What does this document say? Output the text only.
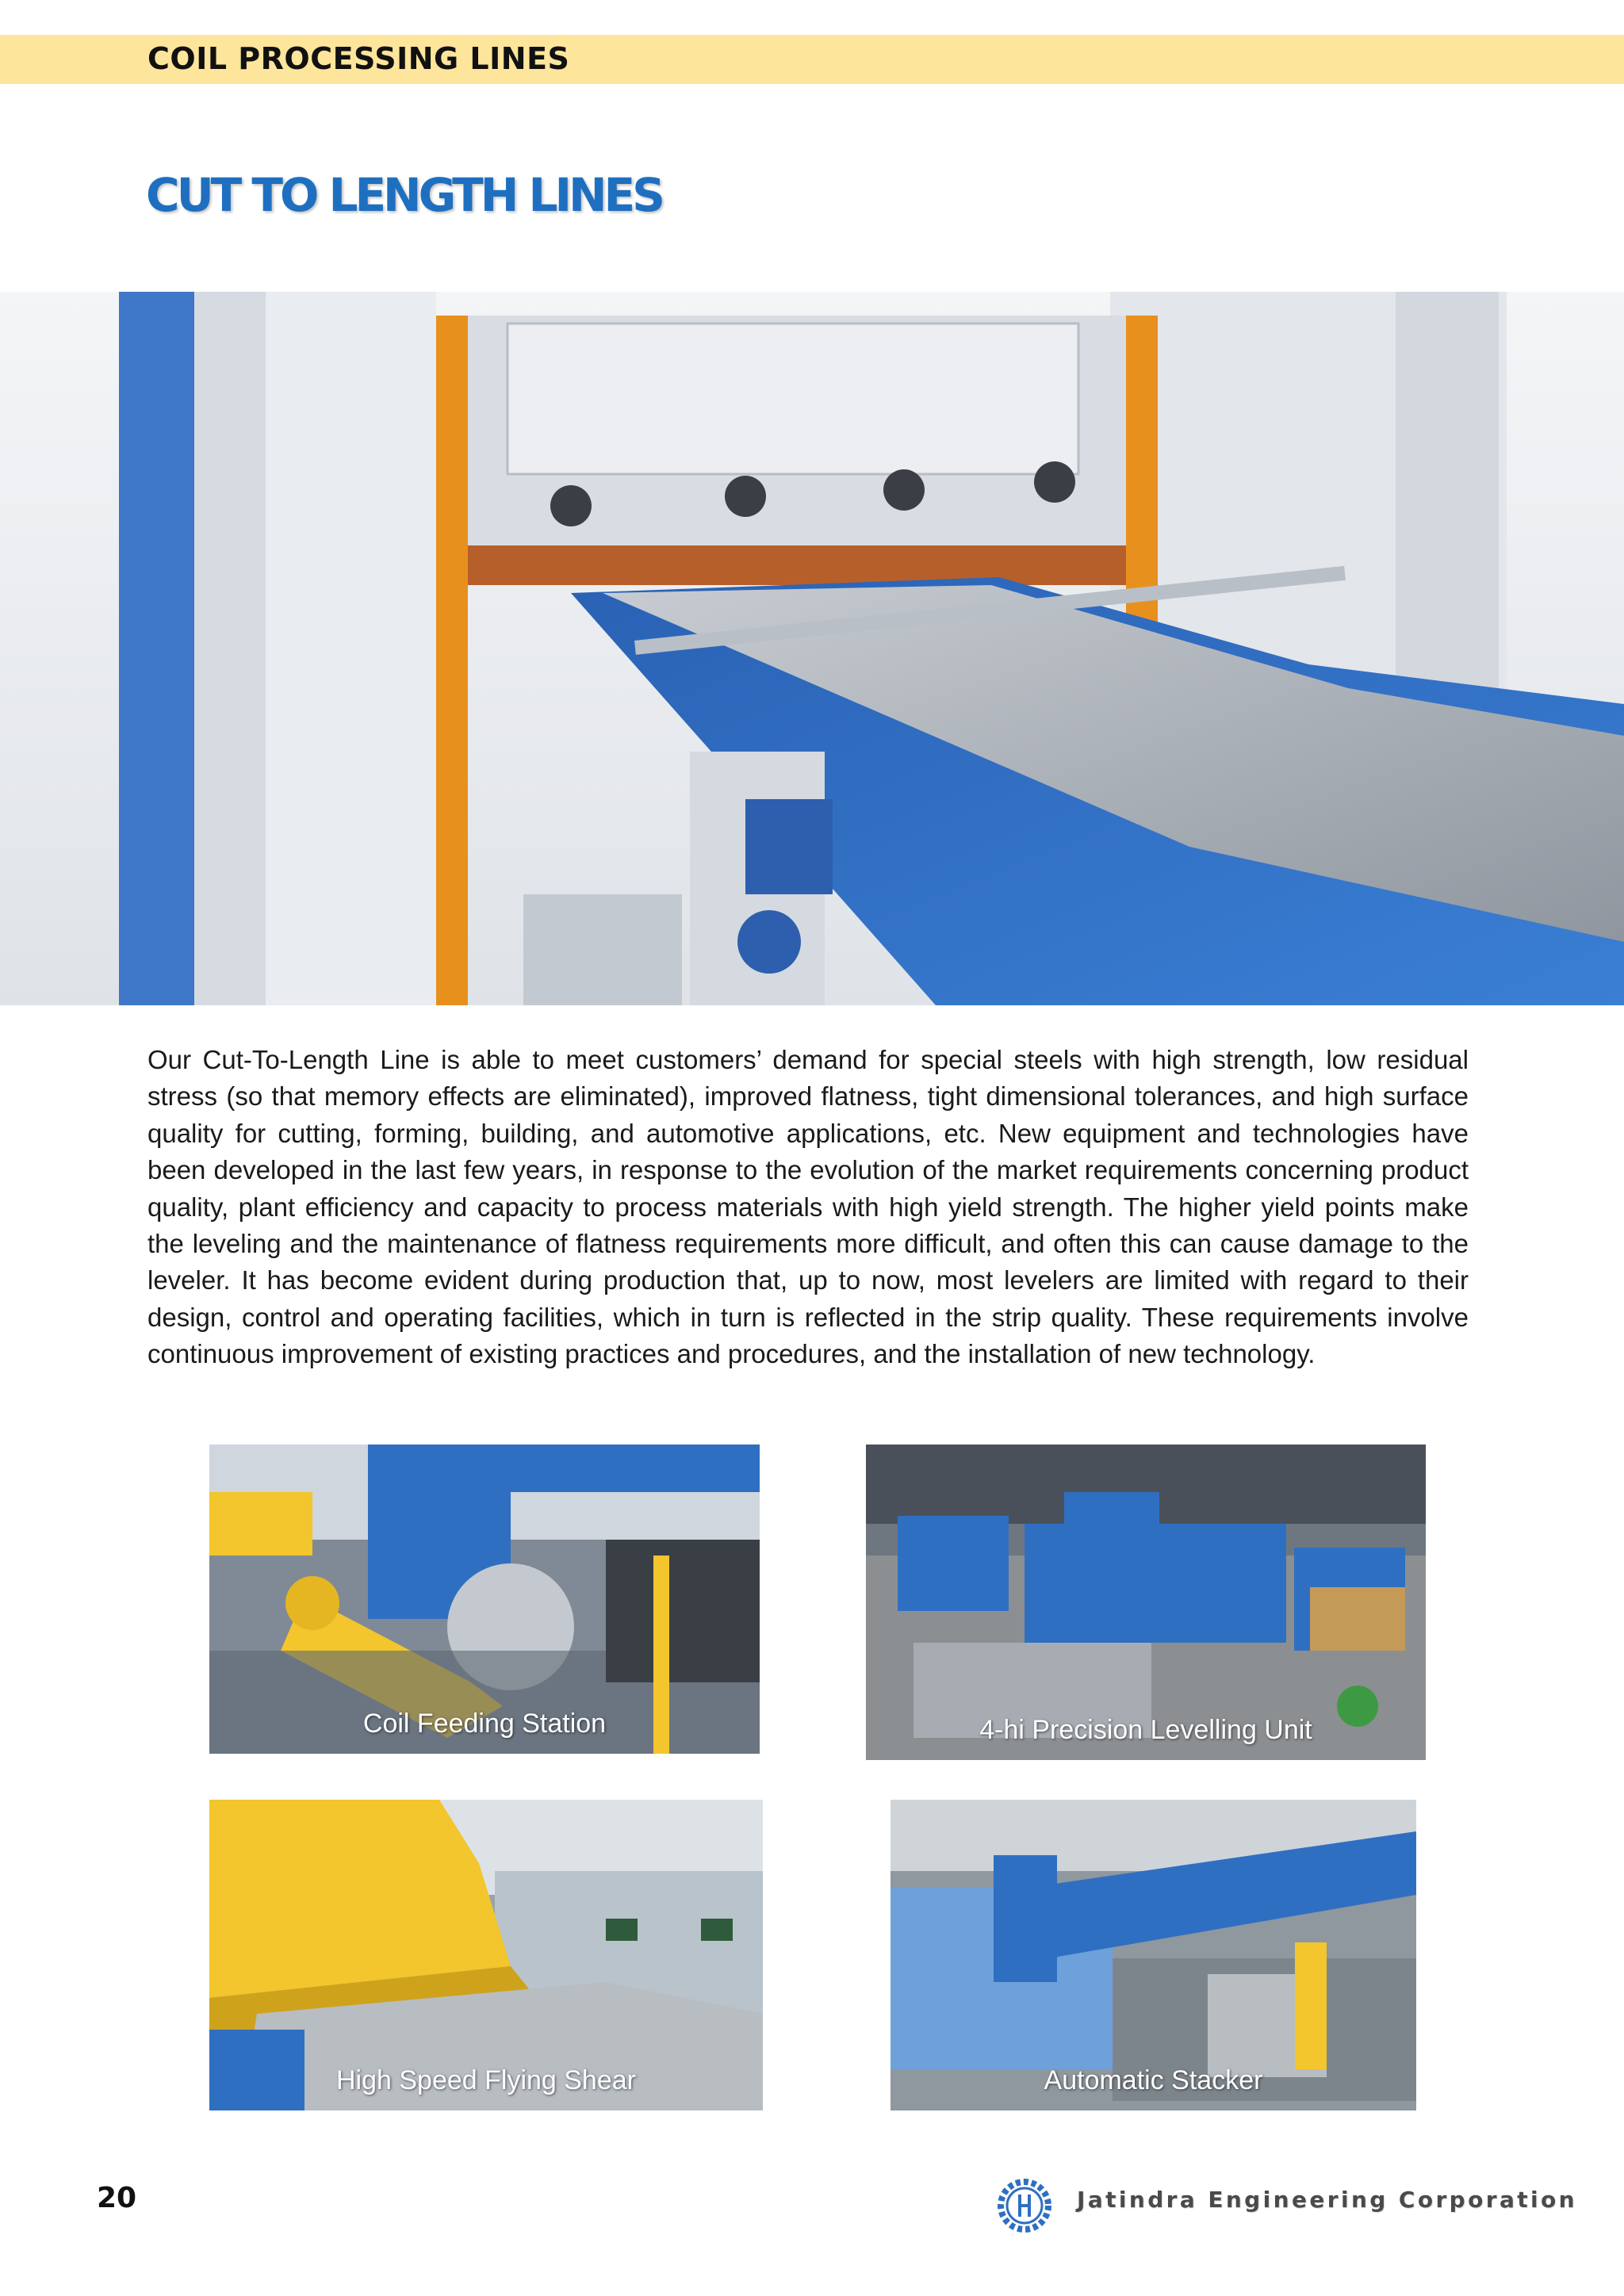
COIL PROCESSING LINES
CUT TO LENGTH LINES
Our Cut-To-Length Line is able to meet customers’ demand for special steels with high strength, low residual stress (so that memory effects are eliminated), improved flatness, tight dimensional tolerances, and high surface quality for cutting, forming, building, and automotive applications, etc. New equipment and technologies have been developed in the last few years, in response to the evolution of the market requirements concerning product quality, plant efficiency and capacity to process materials with high yield strength. The higher yield points make the leveling and the maintenance of flatness requirements more difficult, and often this can cause damage to the leveler. It has become evident during production that, up to now, most levelers are limited with regard to their design, control and operating facilities, which in turn is reflected in the strip quality. These requirements involve continuous improvement of existing practices and procedures, and the installation of new technology.
Coil Feeding Station	4-hi Precision Levelling Unit
High Speed Flying Shear	Automatic Stacker
20	Jatindra Engineering Corporation
